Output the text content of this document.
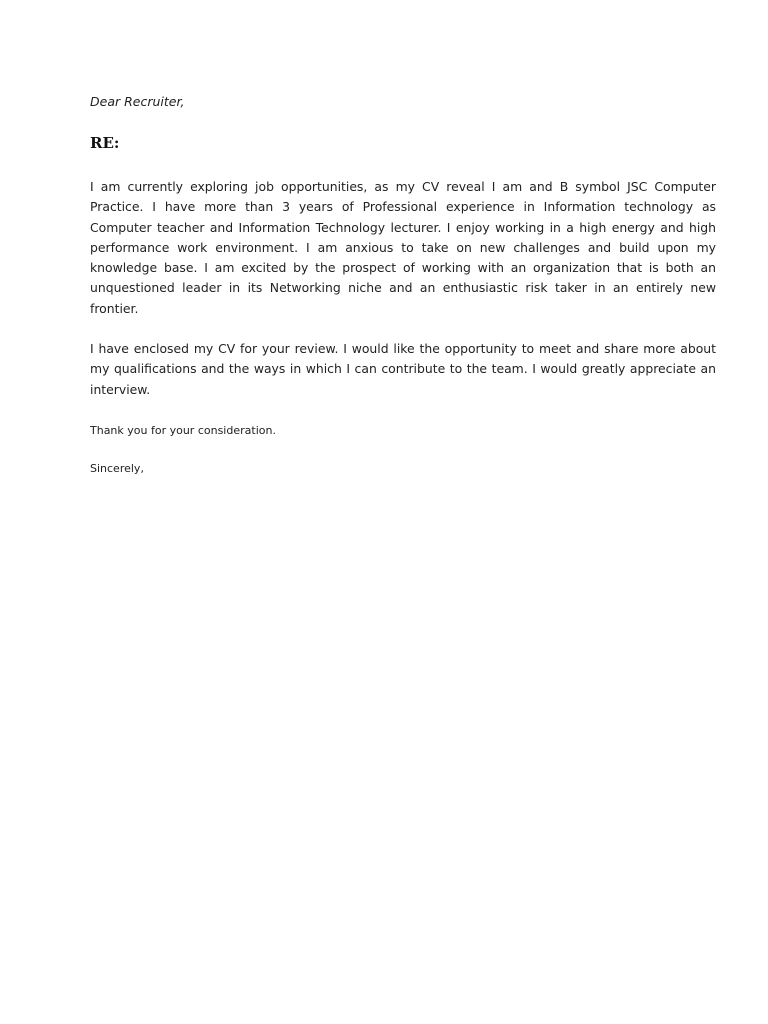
Dear Recruiter,
RE:

I am currently exploring job opportunities, as my CV reveal I am and B symbol JSC Computer Practice. I have more than 3 years of Professional experience in Information technology as Computer teacher and Information Technology lecturer. I enjoy working in a high energy and high performance work environment. I am anxious to take on new challenges and build upon my knowledge base. I am excited by the prospect of working with an organization that is both an unquestioned leader in its Networking niche and an enthusiastic risk taker in an entirely new frontier.

I have enclosed my CV for your review. I would like the opportunity to meet and share more about my qualifications and the ways in which I can contribute to the team. I would greatly appreciate an interview.

Thank you for your consideration.

Sincerely,
